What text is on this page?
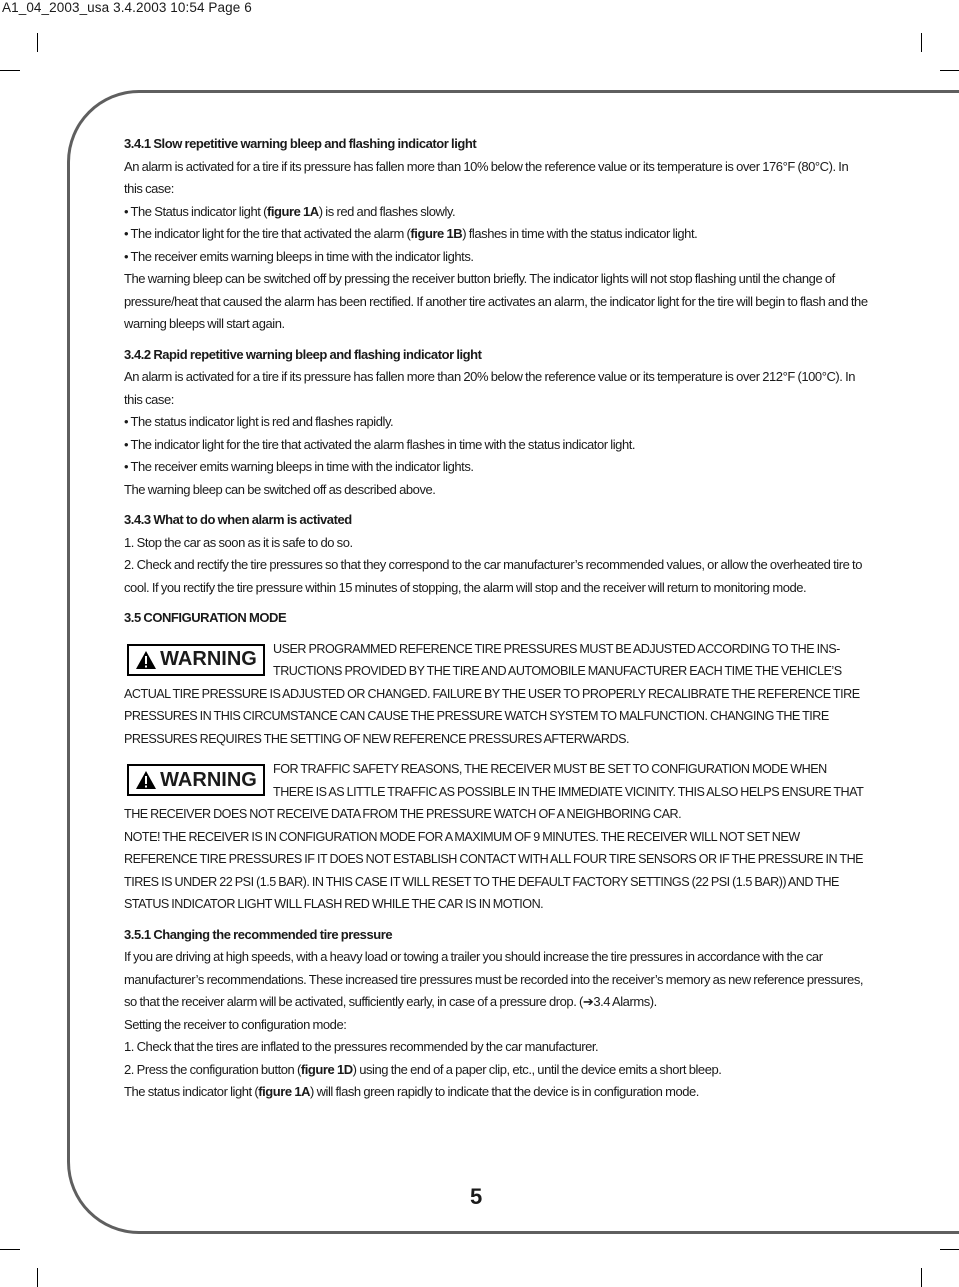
A1_04_2003_usa 3.4.2003 10:54 Page 6

3.4.1 Slow repetitive warning bleep and flashing indicator light

An alarm is activated for a tire if its pressure has fallen more than 10% below the reference value or its temperature is over 176°F (80°C). In this case:

• The Status indicator light (figure 1A) is red and flashes slowly.

• The indicator light for the tire that activated the alarm (figure 1B) flashes in time with the status indicator light.

• The receiver emits warning bleeps in time with the indicator lights.

The warning bleep can be switched off by pressing the receiver button briefly. The indicator lights will not stop flashing until the change of pressure/heat that caused the alarm has been rectified. If another tire activates an alarm, the indicator light for the tire will begin to flash and the warning bleeps will start again.

3.4.2 Rapid repetitive warning bleep and flashing indicator light

An alarm is activated for a tire if its pressure has fallen more than 20% below the reference value or its temperature is over 212°F (100°C). In this case:

• The status indicator light is red and flashes rapidly.

• The indicator light for the tire that activated the alarm flashes in time with the status indicator light.

• The receiver emits warning bleeps in time with the indicator lights.

The warning bleep can be switched off as described above.

3.4.3 What to do when alarm is activated

1. Stop the car as soon as it is safe to do so.

2. Check and rectify the tire pressures so that they correspond to the car manufacturer’s recommended values, or allow the overheated tire to cool. If you rectify the tire pressure within 15 minutes of stopping, the alarm will stop and the receiver will return to monitoring mode.

3.5 CONFIGURATION MODE

WARNING USER PROGRAMMED REFERENCE TIRE PRESSURES MUST BE ADJUSTED ACCORDING TO THE INS-TRUCTIONS PROVIDED BY THE TIRE AND AUTOMOBILE MANUFACTURER EACH TIME THE VEHICLE’S ACTUAL TIRE PRESSURE IS ADJUSTED OR CHANGED. FAILURE BY THE USER TO PROPERLY RECALIBRATE THE REFERENCE TIRE PRESSURES IN THIS CIRCUMSTANCE CAN CAUSE THE PRESSURE WATCH SYSTEM TO MALFUNCTION. CHANGING THE TIRE PRESSURES REQUIRES THE SETTING OF NEW REFERENCE PRESSURES AFTERWARDS.
WARNING FOR TRAFFIC SAFETY REASONS, THE RECEIVER MUST BE SET TO CONFIGURATION MODE WHEN THERE IS AS LITTLE TRAFFIC AS POSSIBLE IN THE IMMEDIATE VICINITY. THIS ALSO HELPS ENSURE THAT THE RECEIVER DOES NOT RECEIVE DATA FROM THE PRESSURE WATCH OF A NEIGHBORING CAR.

NOTE! THE RECEIVER IS IN CONFIGURATION MODE FOR A MAXIMUM OF 9 MINUTES. THE RECEIVER WILL NOT SET NEW REFERENCE TIRE PRESSURES IF IT DOES NOT ESTABLISH CONTACT WITH ALL FOUR TIRE SENSORS OR IF THE PRESSURE IN THE TIRES IS UNDER 22 PSI (1.5 BAR). IN THIS CASE IT WILL RESET TO THE DEFAULT FACTORY SETTINGS (22 PSI (1.5 BAR)) AND THE STATUS INDICATOR LIGHT WILL FLASH RED WHILE THE CAR IS IN MOTION.

3.5.1 Changing the recommended tire pressure

If you are driving at high speeds, with a heavy load or towing a trailer you should increase the tire pressures in accordance with the car manufacturer’s recommendations. These increased tire pressures must be recorded into the receiver’s memory as new reference pressures, so that the receiver alarm will be activated, sufficiently early, in case of a pressure drop. (➔3.4 Alarms).

Setting the receiver to configuration mode:

1. Check that the tires are inflated to the pressures recommended by the car manufacturer.

2. Press the configuration button (figure 1D) using the end of a paper clip, etc., until the device emits a short bleep.

The status indicator light (figure 1A) will flash green rapidly to indicate that the device is in configuration mode.

5
